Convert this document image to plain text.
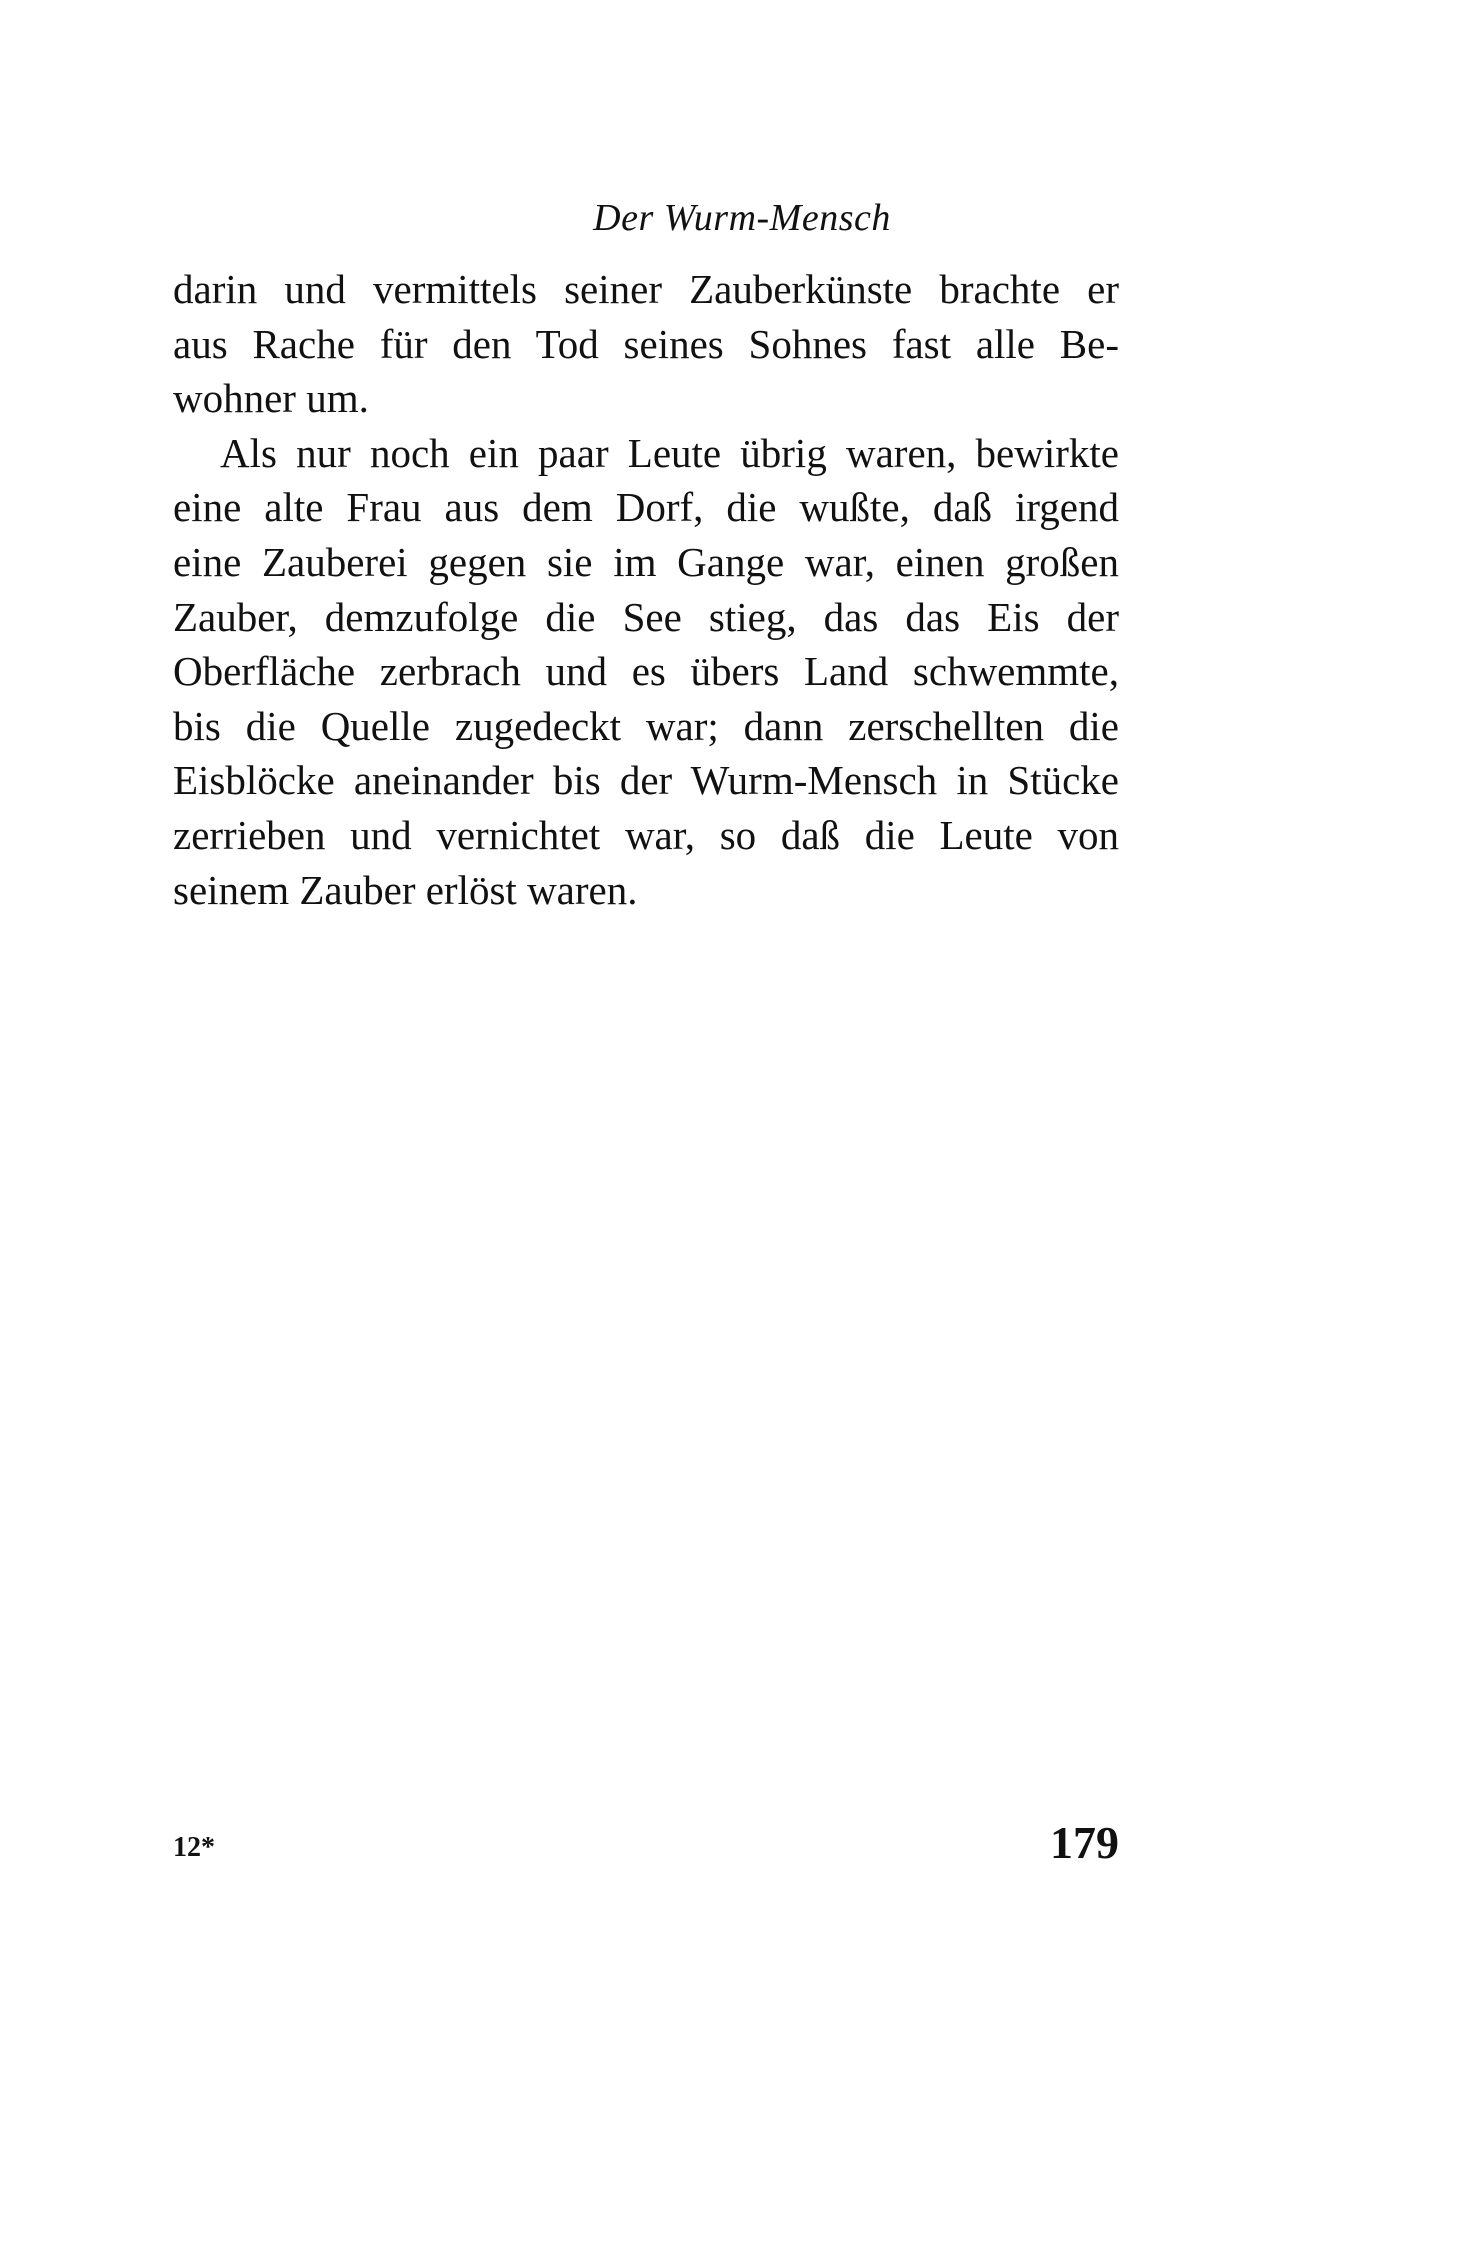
Der Wurm-Mensch
darin und vermittels seiner Zauberkünste brachte er
aus Rache für den Tod seines Sohnes fast alle Be-
wohner um.
Als nur noch ein paar Leute übrig waren, bewirkte
eine alte Frau aus dem Dorf, die wußte, daß irgend
eine Zauberei gegen sie im Gange war, einen großen
Zauber, demzufolge die See stieg, das das Eis der
Oberfläche zerbrach und es übers Land schwemmte,
bis die Quelle zugedeckt war; dann zerschellten die
Eisblöcke aneinander bis der Wurm-Mensch in Stücke
zerrieben und vernichtet war, so daß die Leute von
seinem Zauber erlöst waren.
12*	179
